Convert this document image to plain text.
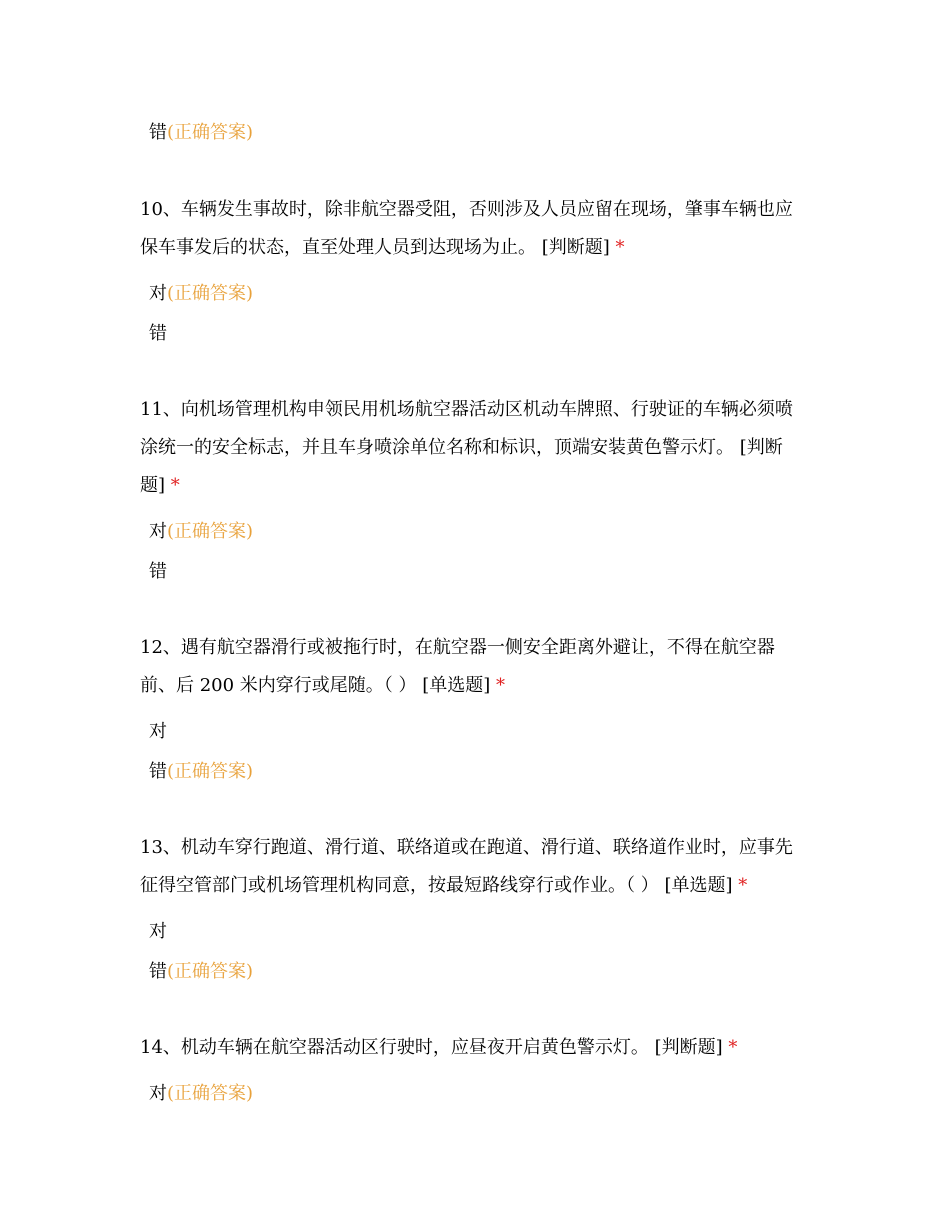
错(正确答案)
10、车辆发生事故时，除非航空器受阻，否则涉及人员应留在现场，肇事车辆也应
保车事发后的状态，直至处理人员到达现场为止。 [判断题] *
对(正确答案)
错
11、向机场管理机构申领民用机场航空器活动区机动车牌照、行驶证的车辆必须喷
涂统一的安全标志，并且车身喷涂单位名称和标识，顶端安装黄色警示灯。 [判断
题] *
对(正确答案)
错
12、遇有航空器滑行或被拖行时，在航空器一侧安全距离外避让，不得在航空器
前、后 200 米内穿行或尾随。（ ） [单选题] *
对
错(正确答案)
13、机动车穿行跑道、滑行道、联络道或在跑道、滑行道、联络道作业时，应事先
征得空管部门或机场管理机构同意，按最短路线穿行或作业。（ ） [单选题] *
对
错(正确答案)
14、机动车辆在航空器活动区行驶时，应昼夜开启黄色警示灯。 [判断题] *
对(正确答案)
